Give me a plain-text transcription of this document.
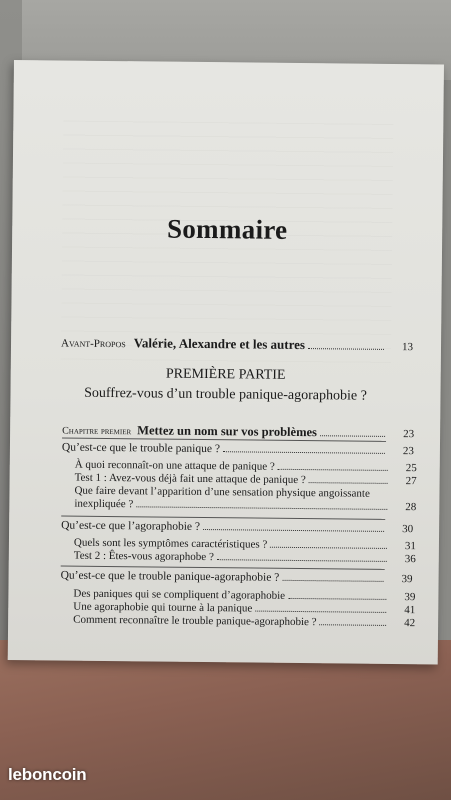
Sommaire
Avant-Propos Valérie, Alexandre et les autres	13
PREMIÈRE PARTIE
Souffrez-vous d’un trouble panique-agoraphobie ?
Chapitre premier Mettez un nom sur vos problèmes	23
Qu’est-ce que le trouble panique ?	23
À quoi reconnaît-on une attaque de panique ?	25
Test 1 : Avez-vous déjà fait une attaque de panique ?	27
Que faire devant l’apparition d’une sensation physique angoissante
inexpliquée ?	28
Qu’est-ce que l’agoraphobie ?	30
Quels sont les symptômes caractéristiques ?	31
Test 2 : Êtes-vous agoraphobe ?	36
Qu’est-ce que le trouble panique-agoraphobie ?	39
Des paniques qui se compliquent d’agoraphobie	39
Une agoraphobie qui tourne à la panique	41
Comment reconnaître le trouble panique-agoraphobie ?	42
leboncoin
